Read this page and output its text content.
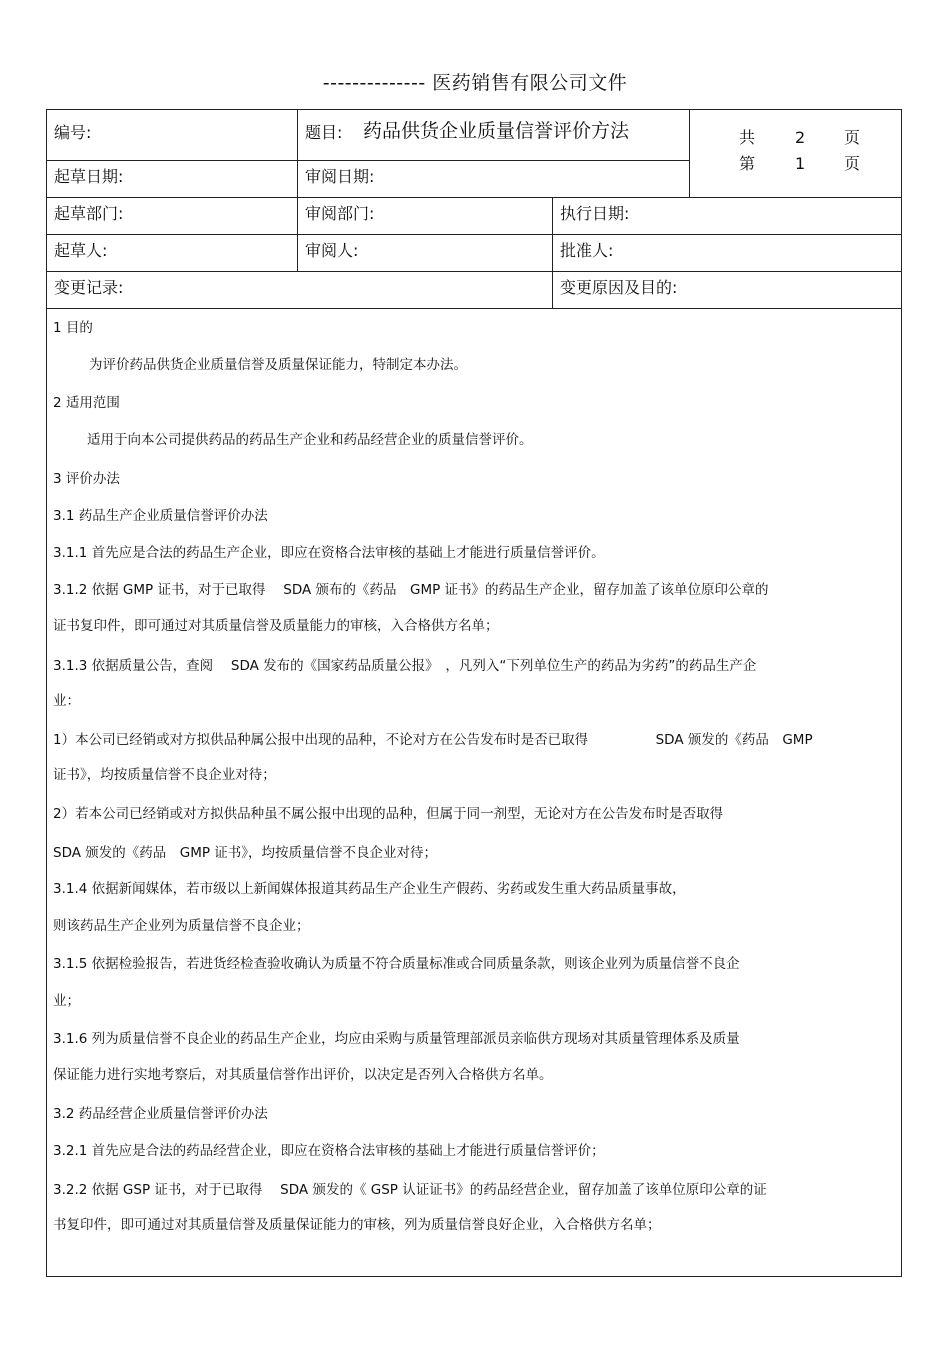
-------------- 医药销售有限公司文件
编号:	题目: 药品供货企业质量信誉评价方法	共 2 页
第 1 页
起草日期:	审阅日期:
起草部门:	审阅部门:	执行日期:
起草人:	审阅人:	批准人:
变更记录:	变更原因及目的:
1 目的
为评价药品供货企业质量信誉及质量保证能力，特制定本办法。
2 适用范围
适用于向本公司提供药品的药品生产企业和药品经营企业的质量信誉评价。
3 评价办法
3.1 药品生产企业质量信誉评价办法
3.1.1 首先应是合法的药品生产企业，即应在资格合法审核的基础上才能进行质量信誉评价。
3.1.2 依据 GMP 证书，对于已取得　 SDA 颁布的《药品　GMP 证书》的药品生产企业，留存加盖了该单位原印公章的
证书复印件，即可通过对其质量信誉及质量能力的审核，入合格供方名单；
3.1.3 依据质量公告，查阅　 SDA 发布的《国家药品质量公报》　，凡列入“下列单位生产的药品为劣药”的药品生产企
业：
1）本公司已经销或对方拟供品种属公报中出现的品种，不论对方在公告发布时是否已取得　　　　　SDA 颁发的《药品　GMP
证书》，均按质量信誉不良企业对待；
2）若本公司已经销或对方拟供品种虽不属公报中出现的品种，但属于同一剂型，无论对方在公告发布时是否取得
SDA 颁发的《药品　GMP 证书》，均按质量信誉不良企业对待；
3.1.4 依据新闻媒体，若市级以上新闻媒体报道其药品生产企业生产假药、劣药或发生重大药品质量事故，
则该药品生产企业列为质量信誉不良企业；
3.1.5 依据检验报告，若进货经检查验收确认为质量不符合质量标准或合同质量条款，则该企业列为质量信誉不良企
业；
3.1.6 列为质量信誉不良企业的药品生产企业，均应由采购与质量管理部派员亲临供方现场对其质量管理体系及质量
保证能力进行实地考察后，对其质量信誉作出评价，以决定是否列入合格供方名单。
3.2 药品经营企业质量信誉评价办法
3.2.1 首先应是合法的药品经营企业，即应在资格合法审核的基础上才能进行质量信誉评价；
3.2.2 依据 GSP 证书，对于已取得　 SDA 颁发的《 GSP 认证证书》的药品经营企业，留存加盖了该单位原印公章的证
书复印件，即可通过对其质量信誉及质量保证能力的审核，列为质量信誉良好企业，入合格供方名单；
